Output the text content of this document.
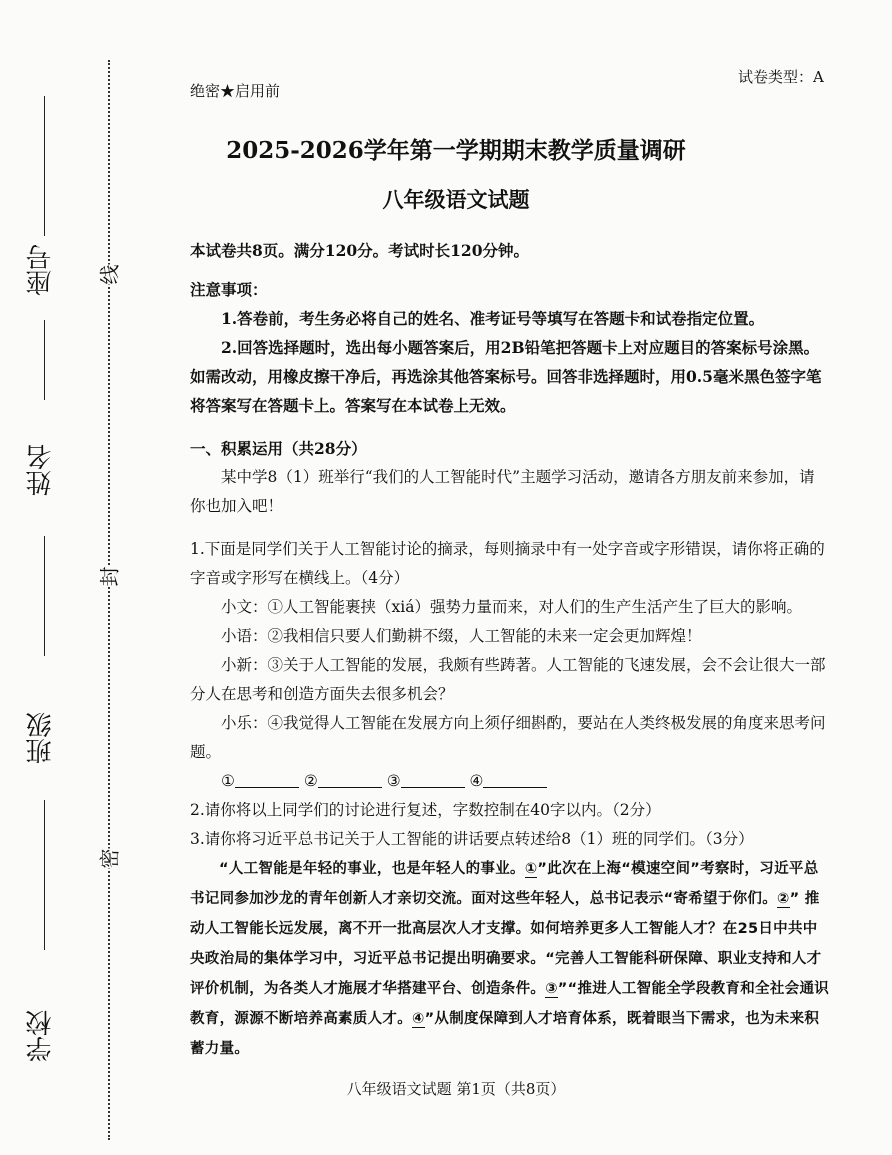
座号
姓名
班级
学校
线
封
密
绝密★启用前
试卷类型：A
2025-2026学年第一学期期末教学质量调研
八年级语文试题

本试卷共8页。满分120分。考试时长120分钟。

注意事项：

1.答卷前，考生务必将自己的姓名、准考证号等填写在答题卡和试卷指定位置。

2.回答选择题时，选出每小题答案后，用2B铅笔把答题卡上对应题目的答案标号涂黑。如需改动，用橡皮擦干净后，再选涂其他答案标号。回答非选择题时，用0.5毫米黑色签字笔将答案写在答题卡上。答案写在本试卷上无效。

一、积累运用（共28分）

某中学8（1）班举行“我们的人工智能时代”主题学习活动，邀请各方朋友前来参加，请你也加入吧！

1.下面是同学们关于人工智能讨论的摘录，每则摘录中有一处字音或字形错误，请你将正确的字音或字形写在横线上。（4分）

小文：①人工智能裹挟（xiá）强势力量而来，对人们的生产生活产生了巨大的影响。

小语：②我相信只要人们勤耕不缀，人工智能的未来一定会更加辉煌！

小新：③关于人工智能的发展，我颇有些踌著。人工智能的飞速发展，会不会让很大一部分人在思考和创造方面失去很多机会？

小乐：④我觉得人工智能在发展方向上须仔细斟酌，要站在人类终极发展的角度来思考问题。

①	②	③	④

2.请你将以上同学们的讨论进行复述，字数控制在40字以内。（2分）

3.请你将习近平总书记关于人工智能的讲话要点转述给8（1）班的同学们。（3分）

“人工智能是年轻的事业，也是年轻人的事业。①”此次在上海“模速空间”考察时，习近平总书记同参加沙龙的青年创新人才亲切交流。面对这些年轻人，总书记表示“寄希望于你们。②” 推动人工智能长远发展，离不开一批高层次人才支撑。如何培养更多人工智能人才？在25日中共中央政治局的集体学习中，习近平总书记提出明确要求。“完善人工智能科研保障、职业支持和人才评价机制，为各类人才施展才华搭建平台、创造条件。③”“推进人工智能全学段教育和全社会通识教育，源源不断培养高素质人才。④”从制度保障到人才培育体系，既着眼当下需求，也为未来积蓄力量。

八年级语文试题 第1页（共8页）
